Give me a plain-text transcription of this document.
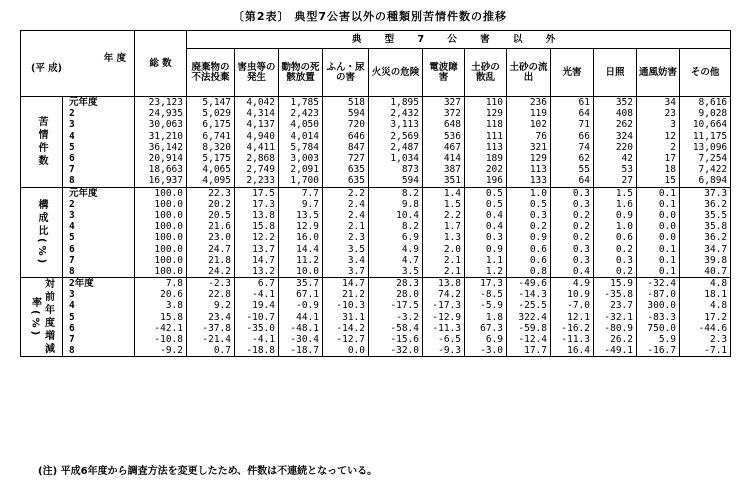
〔第2表〕 典型7公害以外の種類別苦情件数の推移
年 度
(平 成)		総 数	典 型 7 公 害 以 外											
			廃棄物の不法投棄	害虫等の発生	動物の死骸放置	ふん・尿の害	火災の危険	電波障害	土砂の散乱	土砂の流出	光害	日照	通風妨害	その他
苦情件数	元年度	23,123	5,147	4,042	1,785	518	1,895	327	110	236	61	352	34	8,616
	2	24,935	5,029	4,314	2,423	594	2,432	372	129	119	64	408	23	9,028
	3	30,063	6,175	4,137	4,050	720	3,113	648	118	102	71	262	3	10,664
	4	31,210	6,741	4,940	4,014	646	2,569	536	111	76	66	324	12	11,175
	5	36,142	8,320	4,411	5,784	847	2,487	467	113	321	74	220	2	13,096
	6	20,914	5,175	2,868	3,003	727	1,034	414	189	129	62	42	17	7,254
	7	18,663	4,065	2,749	2,091	635	873	387	202	113	55	53	18	7,422
	8	16,937	4,095	2,233	1,700	635	594	351	196	133	64	27	15	6,894
構成比(%)	元年度	100.0	22.3	17.5	7.7	2.2	8.2	1.4	0.5	1.0	0.3	1.5	0.1	37.3
	2	100.0	20.2	17.3	9.7	2.4	9.8	1.5	0.5	0.5	0.3	1.6	0.1	36.2
	3	100.0	20.5	13.8	13.5	2.4	10.4	2.2	0.4	0.3	0.2	0.9	0.0	35.5
	4	100.0	21.6	15.8	12.9	2.1	8.2	1.7	0.4	0.2	0.2	1.0	0.0	35.8
	5	100.0	23.0	12.2	16.0	2.3	6.9	1.3	0.3	0.9	0.2	0.6	0.0	36.2
	6	100.0	24.7	13.7	14.4	3.5	4.9	2.0	0.9	0.6	0.3	0.2	0.1	34.7
	7	100.0	21.8	14.7	11.2	3.4	4.7	2.1	1.1	0.6	0.3	0.3	0.1	39.8
	8	100.0	24.2	13.2	10.0	3.7	3.5	2.1	1.2	0.8	0.4	0.2	0.1	40.7
対前年度増減率(%)	2年度	7.8	-2.3	6.7	35.7	14.7	28.3	13.8	17.3	-49.6	4.9	15.9	-32.4	4.8
	3	20.6	22.8	-4.1	67.1	21.2	28.0	74.2	-8.5	-14.3	10.9	-35.8	-87.0	18.1
	4	3.8	9.2	19.4	-0.9	-10.3	-17.5	-17.3	-5.9	-25.5	-7.0	23.7	300.0	4.8
	5	15.8	23.4	-10.7	44.1	31.1	-3.2	-12.9	1.8	322.4	12.1	-32.1	-83.3	17.2
	6	-42.1	-37.8	-35.0	-48.1	-14.2	-58.4	-11.3	67.3	-59.8	-16.2	-80.9	750.0	-44.6
	7	-10.8	-21.4	-4.1	-30.4	-12.7	-15.6	-6.5	6.9	-12.4	-11.3	26.2	5.9	2.3
	8	-9.2	0.7	-18.8	-18.7	0.0	-32.0	-9.3	-3.0	17.7	16.4	-49.1	-16.7	-7.1
(注) 平成6年度から調査方法を変更したため、件数は不連続となっている。
